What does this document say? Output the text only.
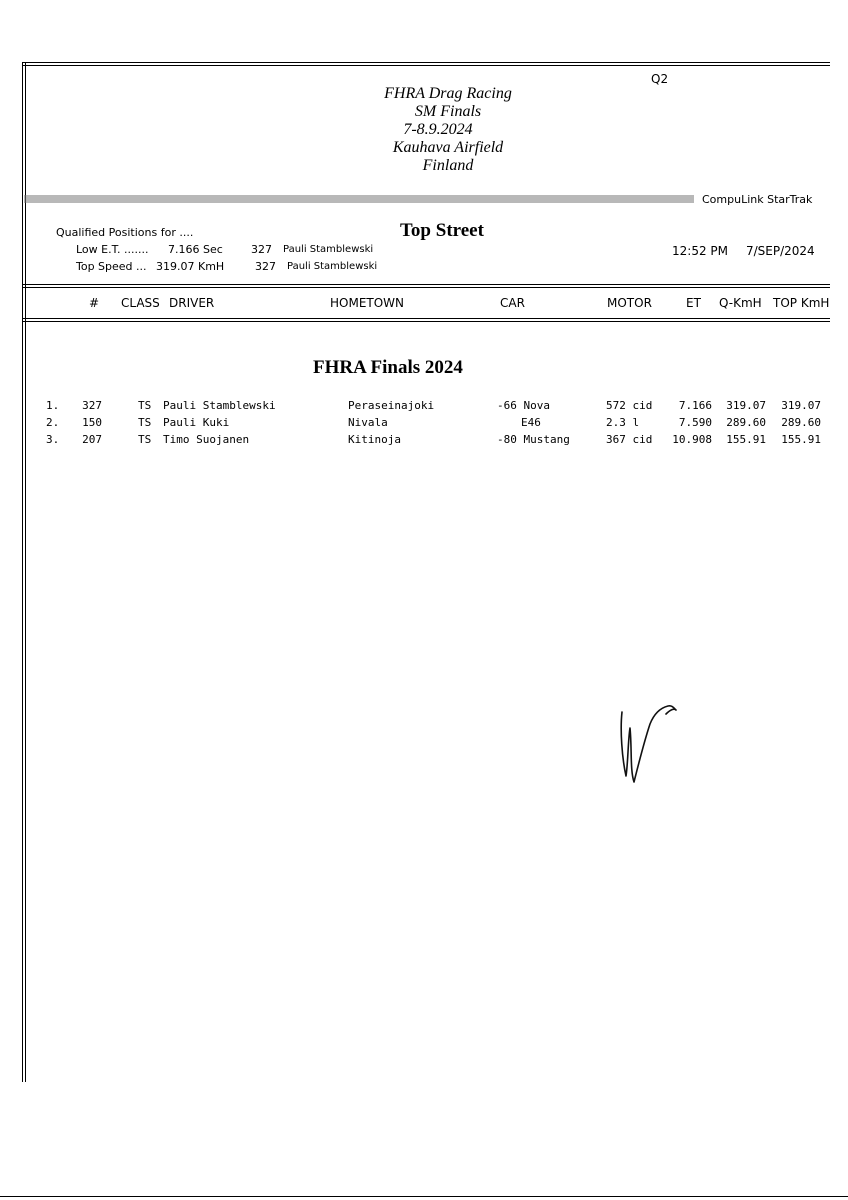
Q2
FHRA Drag Racing
SM Finals
7-8.9.2024
Kauhava Airfield
Finland
CompuLink StarTrak
Qualified Positions for ....	Top Street
Low E.T. ....... 7.166 Sec	327 Pauli Stamblewski
Top Speed ... 319.07 KmH	327 Pauli Stamblewski
12:52 PM 7/SEP/2024
# CLASS DRIVER	HOMETOWN	CAR	MOTOR	ET Q-KmH TOP KmH
FHRA Finals 2024
1.	327	TS Pauli Stamblewski	Peraseinajoki	-66 Nova	572 cid	7.166	319.07	319.07
2.	150	TS Pauli Kuki	Nivala	E46	2.3 l	7.590	289.60	289.60
3.	207	TS Timo Suojanen	Kitinoja	-80 Mustang	367 cid	10.908	155.91	155.91
